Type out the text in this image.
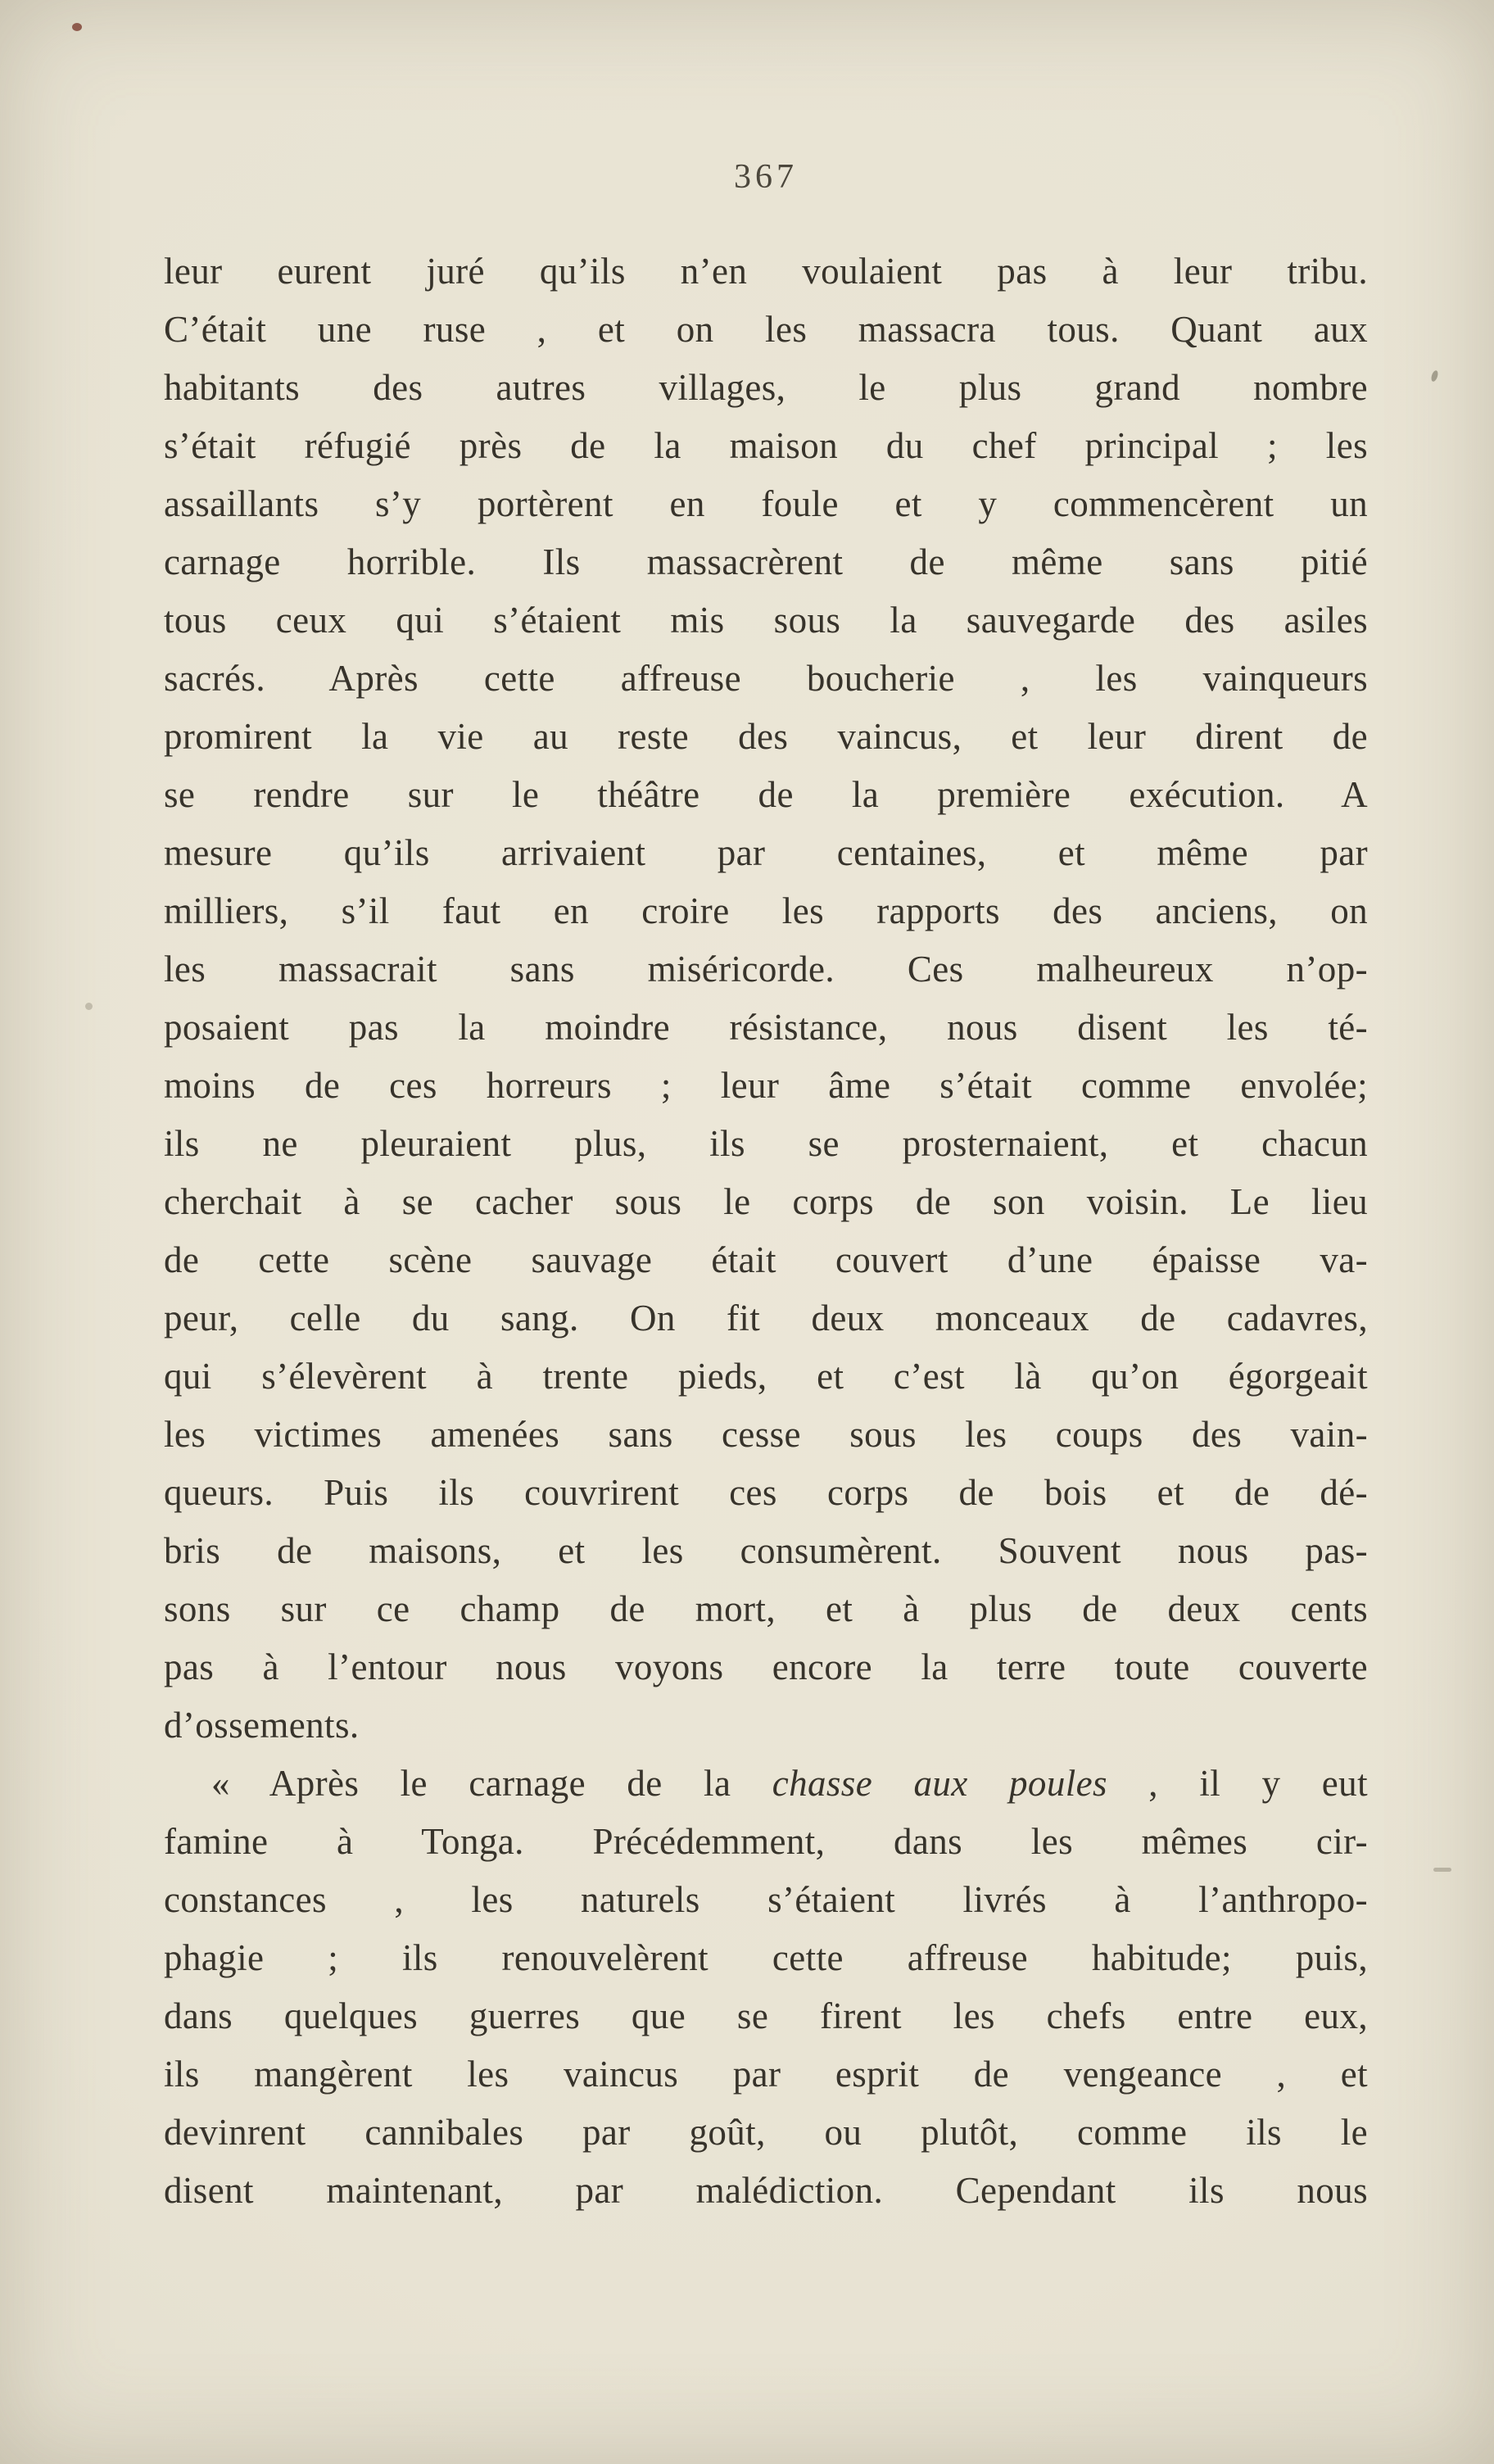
367
leur eurent juré qu’ils n’en voulaient pas à leur tribu.
C’était une ruse , et on les massacra tous. Quant aux
habitants des autres villages, le plus grand nombre
s’était réfugié près de la maison du chef principal ; les
assaillants s’y portèrent en foule et y commencèrent un
carnage horrible. Ils massacrèrent de même sans pitié
tous ceux qui s’étaient mis sous la sauvegarde des asiles
sacrés. Après cette affreuse boucherie , les vainqueurs
promirent la vie au reste des vaincus, et leur dirent de
se rendre sur le théâtre de la première exécution. A
mesure qu’ils arrivaient par centaines, et même par
milliers, s’il faut en croire les rapports des anciens, on
les massacrait sans miséricorde. Ces malheureux n’op-
posaient pas la moindre résistance, nous disent les té-
moins de ces horreurs ; leur âme s’était comme envolée;
ils ne pleuraient plus, ils se prosternaient, et chacun
cherchait à se cacher sous le corps de son voisin. Le lieu
de cette scène sauvage était couvert d’une épaisse va-
peur, celle du sang. On fit deux monceaux de cadavres,
qui s’élevèrent à trente pieds, et c’est là qu’on égorgeait
les victimes amenées sans cesse sous les coups des vain-
queurs. Puis ils couvrirent ces corps de bois et de dé-
bris de maisons, et les consumèrent. Souvent nous pas-
sons sur ce champ de mort, et à plus de deux cents
pas à l’entour nous voyons encore la terre toute couverte
d’ossements.
« Après le carnage de la chasse aux poules , il y eut
famine à Tonga. Précédemment, dans les mêmes cir-
constances , les naturels s’étaient livrés à l’anthropo-
phagie ; ils renouvelèrent cette affreuse habitude; puis,
dans quelques guerres que se firent les chefs entre eux,
ils mangèrent les vaincus par esprit de vengeance , et
devinrent cannibales par goût, ou plutôt, comme ils le
disent maintenant, par malédiction. Cependant ils nous
